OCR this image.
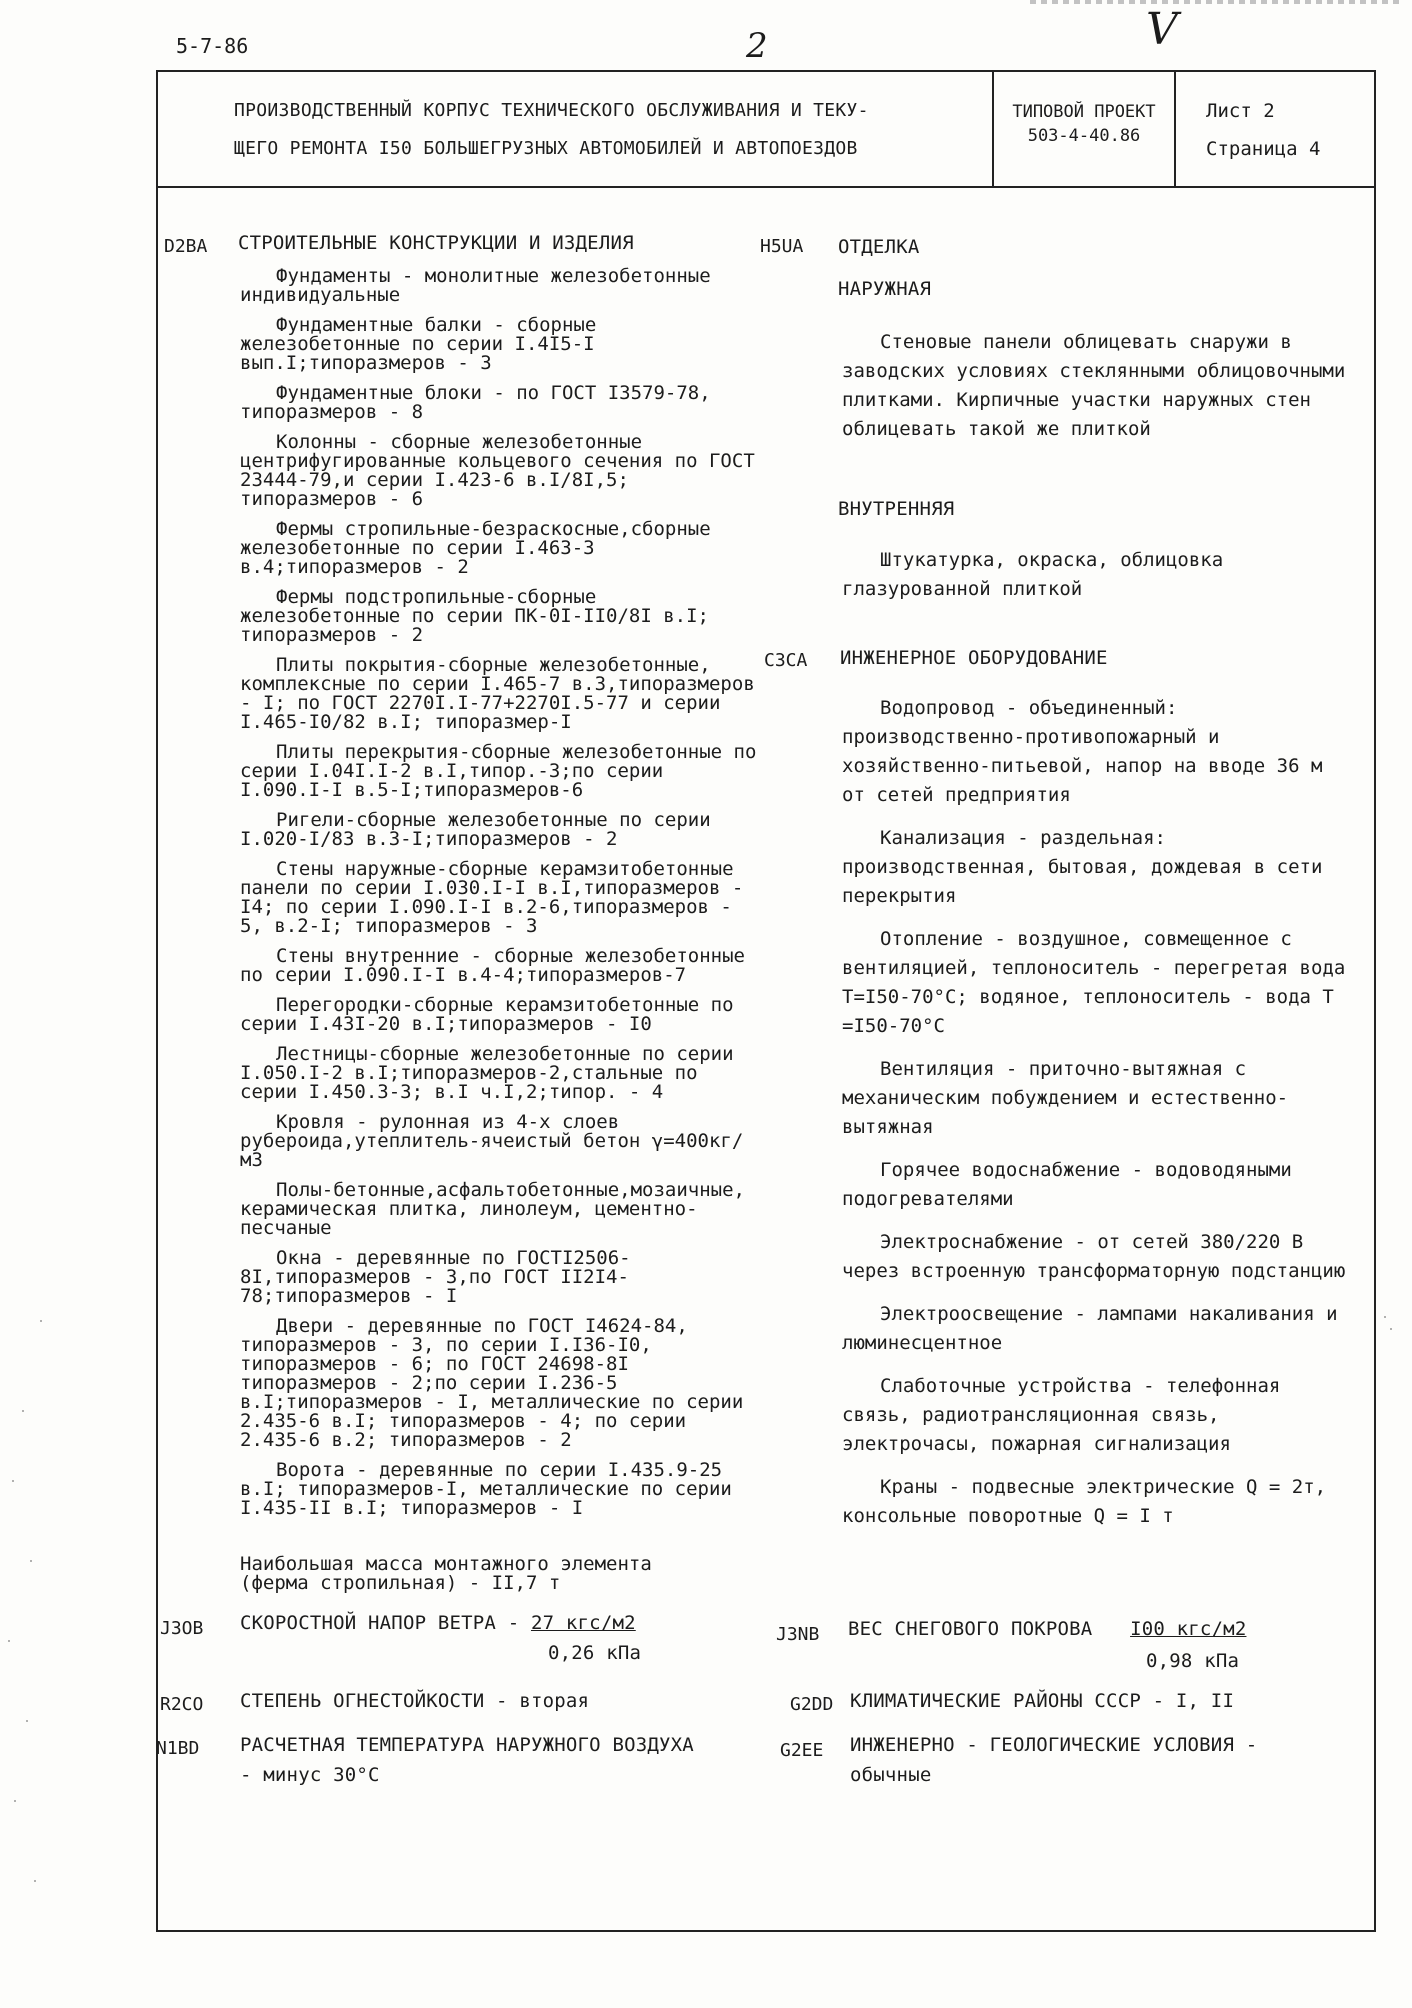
5-7-86	2	V
ПРОИЗВОДСТВЕННЫЙ КОРПУС ТЕХНИЧЕСКОГО ОБСЛУЖИВАНИЯ И ТЕКУ-
ЩЕГО РЕМОНТА I50 БОЛЬШЕГРУЗНЫХ АВТОМОБИЛЕЙ И АВТОПОЕЗДОВ
ТИПОВОЙ ПРОЕКТ
503-4-40.86
Лист 2
Страница 4
D2BA СТРОИТЕЛЬНЫЕ КОНСТРУКЦИИ И ИЗДЕЛИЯ

Фундаменты - монолитные железобетонные индивидуальные

Фундаментные балки - сборные железобетонные по серии I.4I5-I вып.I;типоразмеров - 3

Фундаментные блоки - по ГОСТ I3579-78, типоразмеров - 8

Колонны - сборные железобетонные центрифугированные кольцевого сечения по ГОСТ 23444-79,и серии I.423-6 в.I/8I,5; типоразмеров - 6

Фермы стропильные-безраскосные,сборные железобетонные по серии I.463-3 в.4;типоразмеров - 2

Фермы подстропильные-сборные железобетонные по серии ПК-0I-II0/8I в.I; типоразмеров - 2

Плиты покрытия-сборные железобетонные, комплексные по серии I.465-7 в.3,типоразмеров - I; по ГОСТ 2270I.I-77+2270I.5-77 и серии I.465-I0/82 в.I; типоразмер-I

Плиты перекрытия-сборные железобетонные по серии I.04I.I-2 в.I,типор.-3;по серии I.090.I-I в.5-I;типоразмеров-6

Ригели-сборные железобетонные по серии I.020-I/83 в.3-I;типоразмеров - 2

Стены наружные-сборные керамзитобетонные панели по серии I.030.I-I в.I,типоразмеров - I4; по серии I.090.I-I в.2-6,типоразмеров - 5, в.2-I; типоразмеров - 3

Стены внутренние - сборные железобетонные по серии I.090.I-I в.4-4;типоразмеров-7

Перегородки-сборные керамзитобетонные по серии I.43I-20 в.I;типоразмеров - I0

Лестницы-сборные железобетонные по серии I.050.I-2 в.I;типоразмеров-2,стальные по серии I.450.3-3; в.I ч.I,2;типор. - 4

Кровля - рулонная из 4-х слоев рубероида,утеплитель-ячеистый бетон γ=400кг/м3

Полы-бетонные,асфальтобетонные,мозаичные, керамическая плитка, линолеум, цементно-песчаные

Окна - деревянные по ГОСТI2506-8I,типоразмеров - 3,по ГОСТ II2I4-78;типоразмеров - I

Двери - деревянные по ГОСТ I4624-84, типоразмеров - 3, по серии I.I36-I0, типоразмеров - 6; по ГОСТ 24698-8I типоразмеров - 2;по серии I.236-5 в.I;типоразмеров - I, металлические по серии 2.435-6 в.I; типоразмеров - 4; по серии 2.435-6 в.2; типоразмеров - 2

Ворота - деревянные по серии I.435.9-25 в.I; типоразмеров-I, металлические по серии I.435-II в.I; типоразмеров - I

Наибольшая масса монтажного элемента (ферма стропильная) - II,7 т
H5UA ОТДЕЛКА
НАРУЖНАЯ

Стеновые панели облицевать снаружи в заводских условиях стеклянными облицовочными плитками. Кирпичные участки наружных стен облицевать такой же плиткой

ВНУТРЕННЯЯ

Штукатурка, окраска, облицовка глазурованной плиткой

C3CA ИНЖЕНЕРНОЕ ОБОРУДОВАНИЕ

Водопровод - объединенный: производственно-противопожарный и хозяйственно-питьевой, напор на вводе 36 м от сетей предприятия

Канализация - раздельная: производственная, бытовая, дождевая в сети перекрытия

Отопление - воздушное, совмещенное с вентиляцией, теплоноситель - перегретая вода T=I50-70°C; водяное, теплоноситель - вода T =I50-70°C

Вентиляция - приточно-вытяжная с механическим побуждением и естественно-вытяжная

Горячее водоснабжение - водоводяными подогревателями

Электроснабжение - от сетей 380/220 В через встроенную трансформаторную подстанцию

Электроосвещение - лампами накаливания и люминесцентное

Слаботочные устройства - телефонная связь, радиотрансляционная связь, электрочасы, пожарная сигнализация

Краны - подвесные электрические Q = 2т, консольные поворотные Q = I т

J3OB СКОРОСТНОЙ НАПОР ВЕТРА - 27 кгс/м2
0,26 кПа
R2CO СТЕПЕНЬ ОГНЕСТОЙКОСТИ - вторая
N1BD РАСЧЕТНАЯ ТЕМПЕРАТУРА НАРУЖНОГО ВОЗДУХА
- минус 30°C
J3NB ВЕС СНЕГОВОГО ПОКРОВА I00 кгс/м2
0,98 кПа
G2DD КЛИМАТИЧЕСКИЕ РАЙОНЫ СССР - I, II
G2EE ИНЖЕНЕРНО - ГЕОЛОГИЧЕСКИЕ УСЛОВИЯ -
обычные
